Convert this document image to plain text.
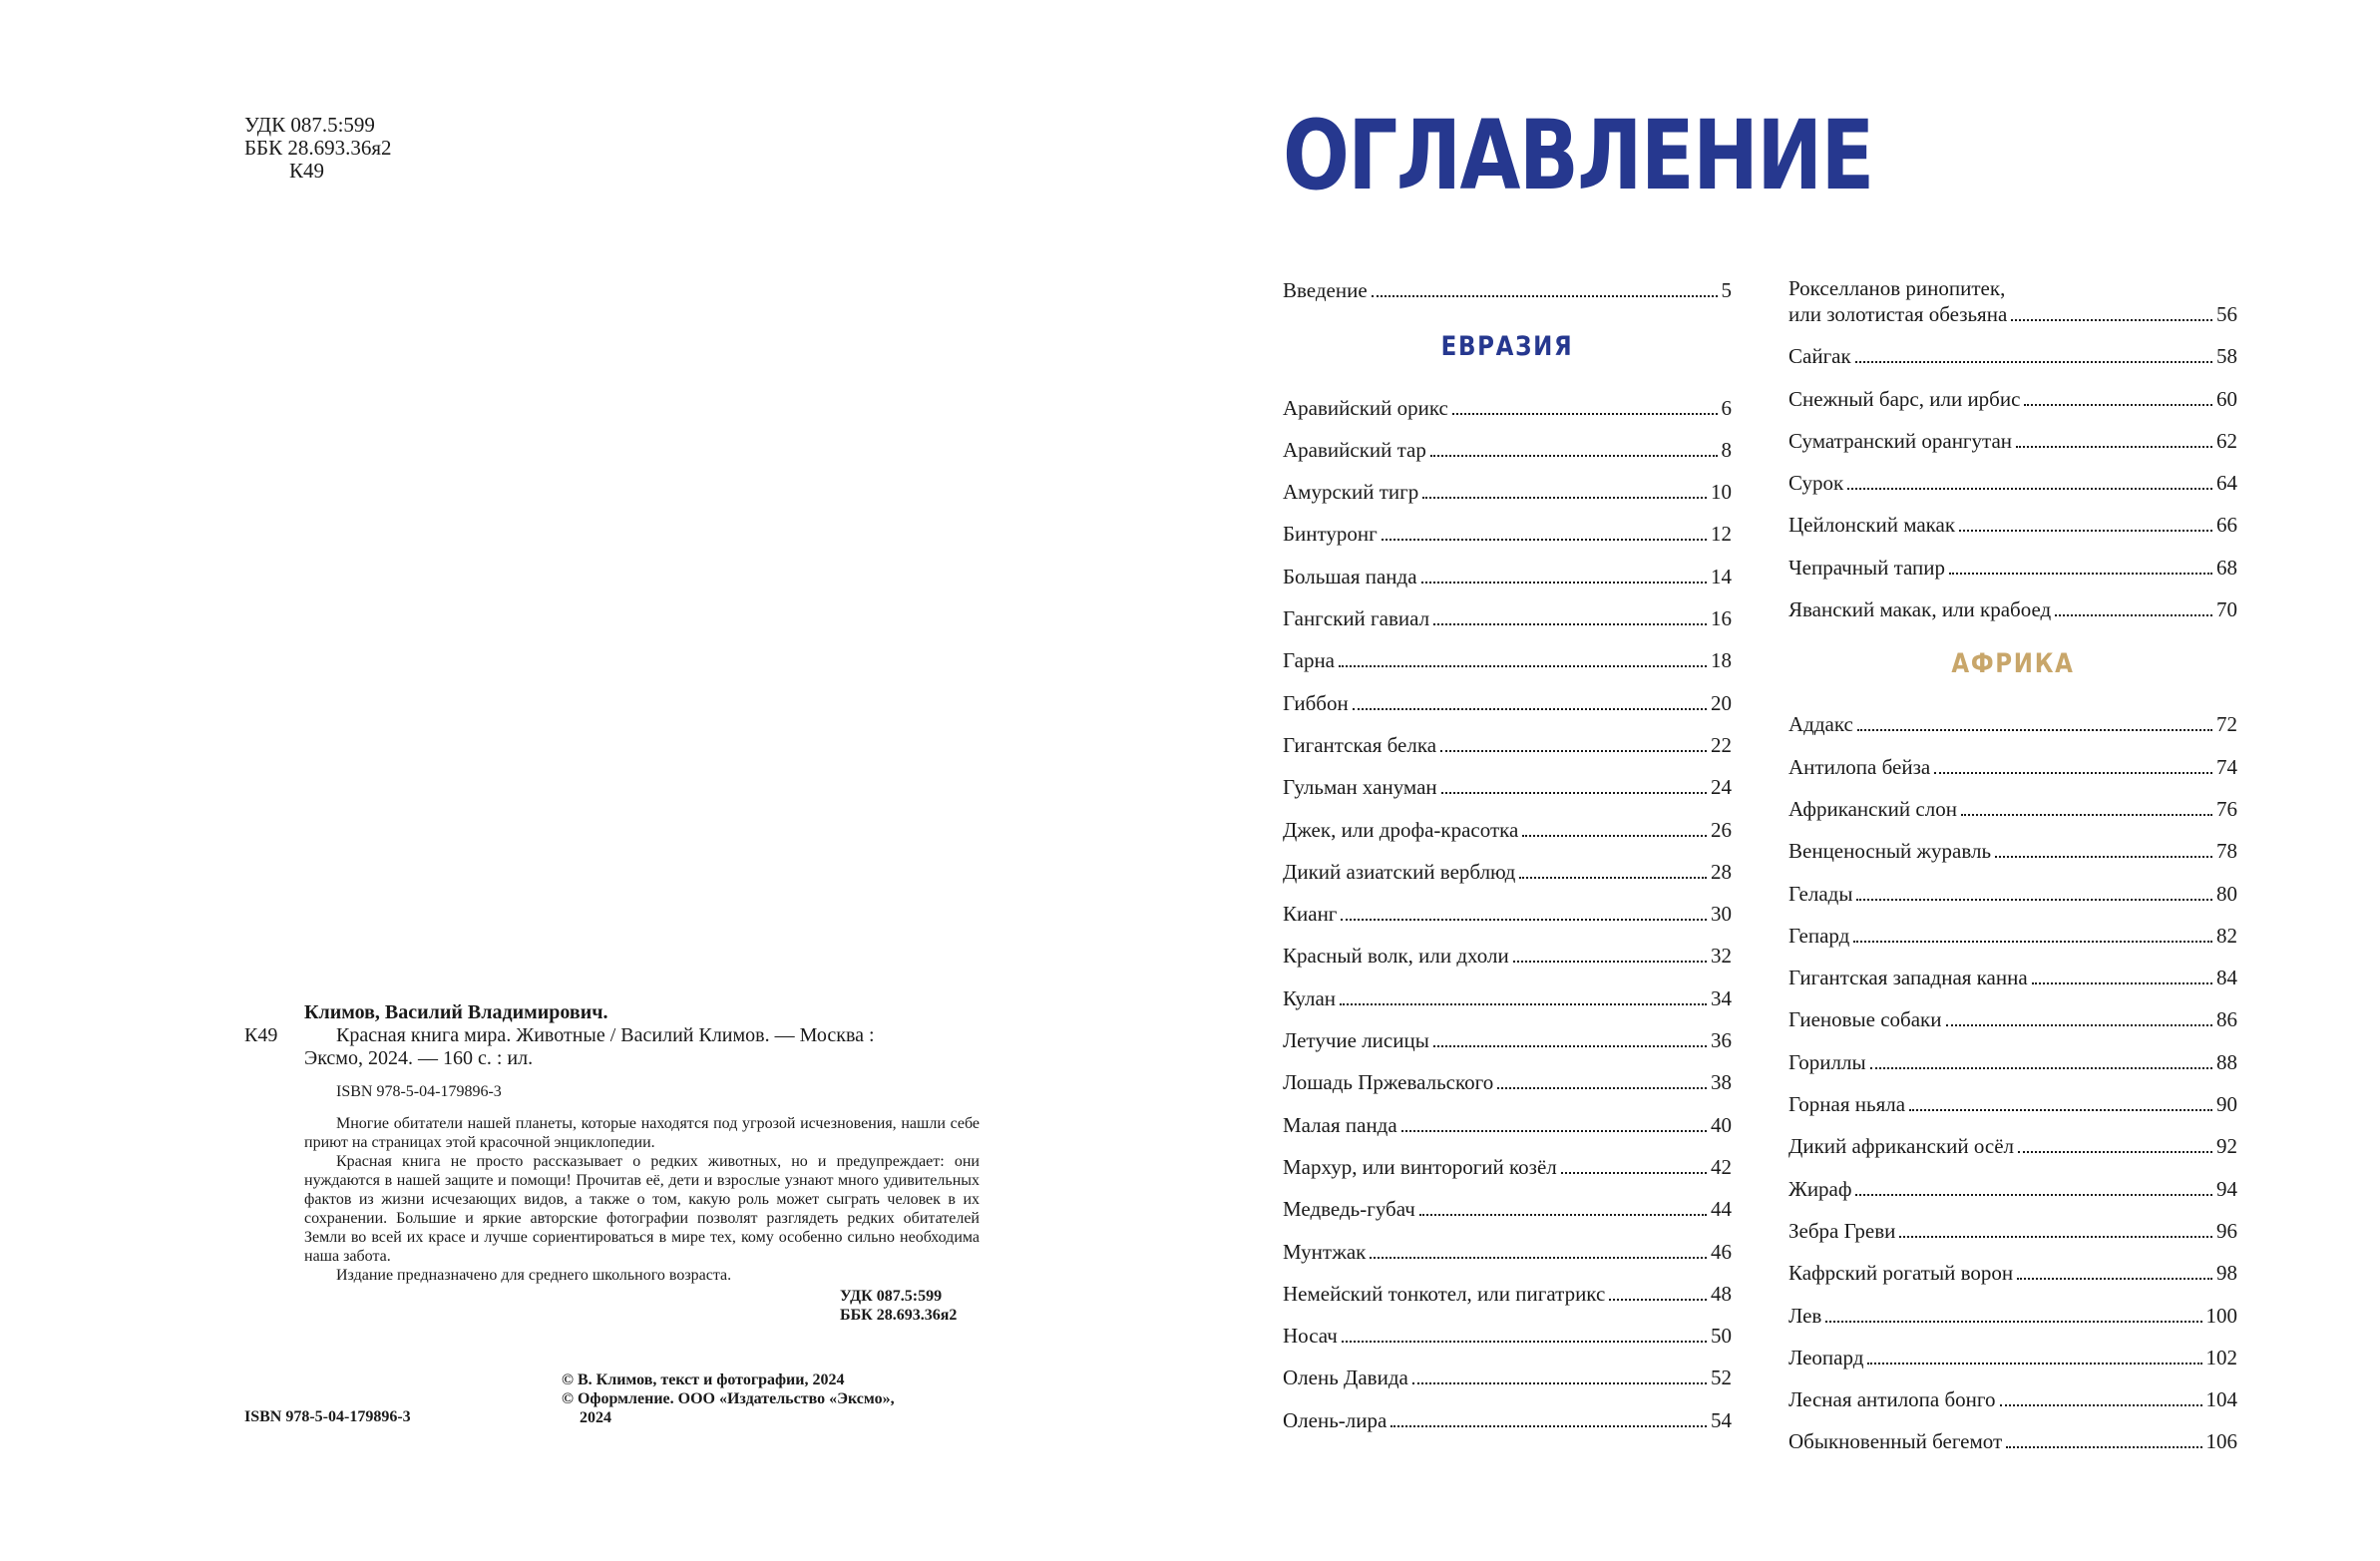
УДК 087.5:599
ББК 28.693.36я2
К49
Климов, Василий Владимирович.
К49	Красная книга мира. Животные / Василий Климов. — Москва :
Эксмо, 2024. — 160 с. : ил.
ISBN 978-5-04-179896-3

Многие обитатели нашей планеты, которые находятся под угрозой исчезновения, нашли себе приют на страницах этой красочной энциклопедии.

Красная книга не просто рассказывает о редких животных, но и предупреждает: они нуждаются в нашей защите и помощи! Прочитав её, дети и взрослые узнают много удивительных фактов из жизни исчезающих видов, а также о том, какую роль может сыграть человек в их сохранении. Большие и яркие авторские фотографии позволят разглядеть редких обитателей Земли во всей их красе и лучше сориентироваться в мире тех, кому особенно сильно необходима наша забота.

Издание предназначено для среднего школьного возраста.

УДК 087.5:599
ББК 28.693.36я2
© В. Климов, текст и фотографии, 2024
© Оформление. ООО «Издательство «Эксмо»,
2024
ISBN 978-5-04-179896-3
ОГЛАВЛЕНИЕ
Введение	5
ЕВРАЗИЯ
Аравийский орикс	6
Аравийский тар	8
Амурский тигр	10
Бинтуронг	12
Большая панда	14
Гангский гавиал	16
Гарна	18
Гиббон	20
Гигантская белка	22
Гульман хануман	24
Джек, или дрофа-красотка	26
Дикий азиатский верблюд	28
Кианг	30
Красный волк, или дхоли	32
Кулан	34
Летучие лисицы	36
Лошадь Пржевальского	38
Малая панда	40
Мархур, или винторогий козёл	42
Медведь-губач	44
Мунтжак	46
Немейский тонкотел, или пигатрикс	48
Носач	50
Олень Давида	52
Олень-лира	54
Рокселланов ринопитек,
или золотистая обезьяна	56
Сайгак	58
Снежный барс, или ирбис	60
Суматранский орангутан	62
Сурок	64
Цейлонский макак	66
Чепрачный тапир	68
Яванский макак, или крабоед	70
АФРИКА
Аддакс	72
Антилопа бейза	74
Африканский слон	76
Венценосный журавль	78
Гелады	80
Гепард	82
Гигантская западная канна	84
Гиеновые собаки	86
Гориллы	88
Горная ньяла	90
Дикий африканский осёл	92
Жираф	94
Зебра Греви	96
Кафрский рогатый ворон	98
Лев	100
Леопард	102
Лесная антилопа бонго	104
Обыкновенный бегемот	106
